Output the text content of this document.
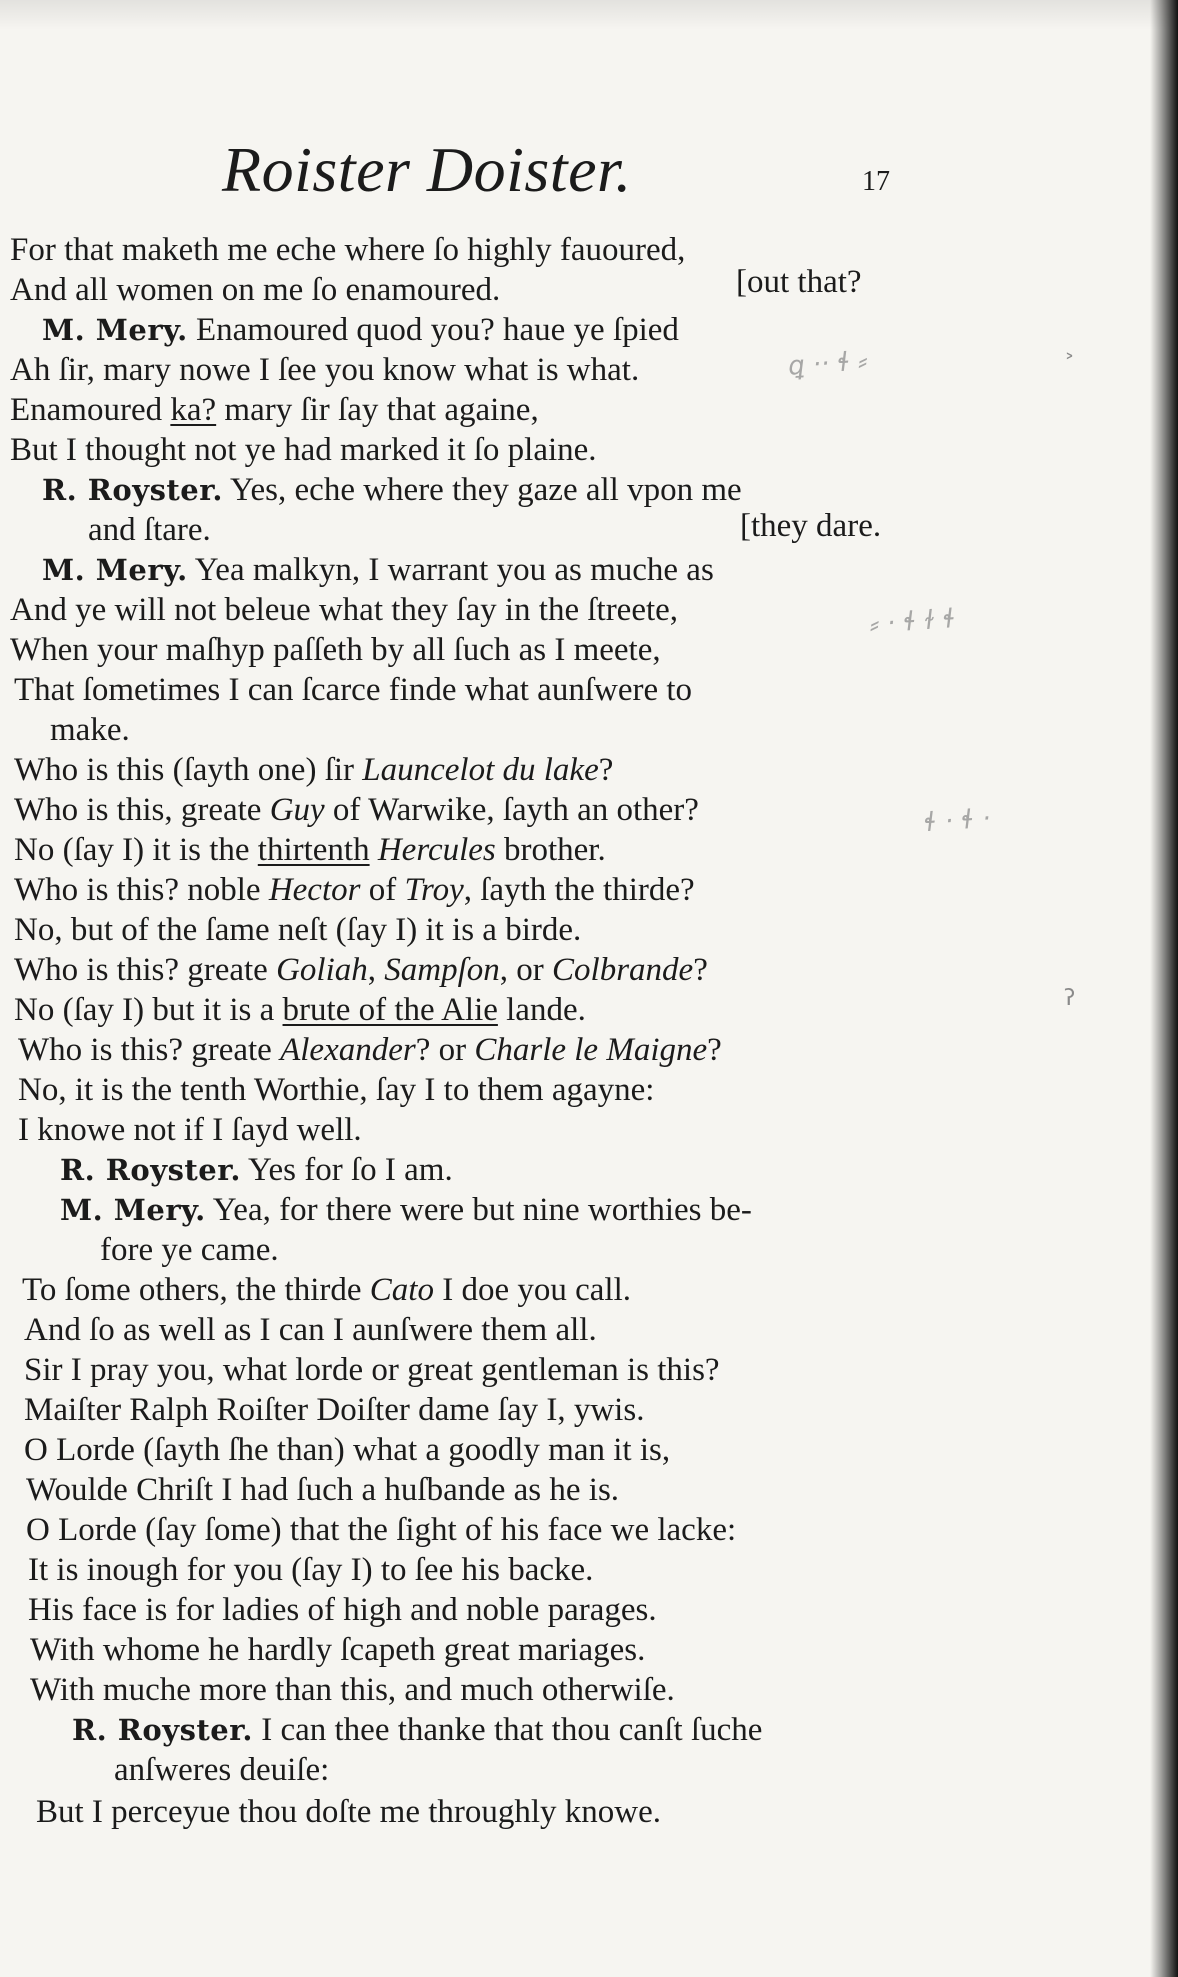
Roister Doister.	17
ꝗ ·· ɬ ⸗
⸗ · ɬ ɫ ɬ
ɬ · ɬ ·
ʔ
˃
For that maketh me eche where ſo highly fauoured,
And all women on me ſo enamoured.	[out that?
M. Mery. Enamoured quod you? haue ye ſpied
Ah ſir, mary nowe I ſee you know what is what.
Enamoured ka? mary ſir ſay that againe,
But I thought not ye had marked it ſo plaine.
R. Royster. Yes, eche where they gaze all vpon me
and ſtare.	[they dare.
M. Mery. Yea malkyn, I warrant you as muche as
And ye will not beleue what they ſay in the ſtreete,
When your maſhyp paſſeth by all ſuch as I meete,
That ſometimes I can ſcarce finde what aunſwere to
make.
Who is this (ſayth one) ſir Launcelot du lake?
Who is this, greate Guy of Warwike, ſayth an other?
No (ſay I) it is the thirtenth Hercules brother.
Who is this? noble Hector of Troy, ſayth the thirde?
No, but of the ſame neſt (ſay I) it is a birde.
Who is this? greate Goliah, Sampſon, or Colbrande?
No (ſay I) but it is a brute of the Alie lande.
Who is this? greate Alexander? or Charle le Maigne?
No, it is the tenth Worthie, ſay I to them agayne:
I knowe not if I ſayd well.
R. Royster. Yes for ſo I am.
M. Mery. Yea, for there were but nine worthies be-
fore ye came.
To ſome others, the thirde Cato I doe you call.
And ſo as well as I can I aunſwere them all.
Sir I pray you, what lorde or great gentleman is this?
Maiſter Ralph Roiſter Doiſter dame ſay I, ywis.
O Lorde (ſayth ſhe than) what a goodly man it is,
Woulde Chriſt I had ſuch a huſbande as he is.
O Lorde (ſay ſome) that the ſight of his face we lacke:
It is inough for you (ſay I) to ſee his backe.
His face is for ladies of high and noble parages.
With whome he hardly ſcapeth great mariages.
With muche more than this, and much otherwiſe.
R. Royster. I can thee thanke that thou canſt ſuche
anſweres deuiſe:
But I perceyue thou doſte me throughly knowe.
